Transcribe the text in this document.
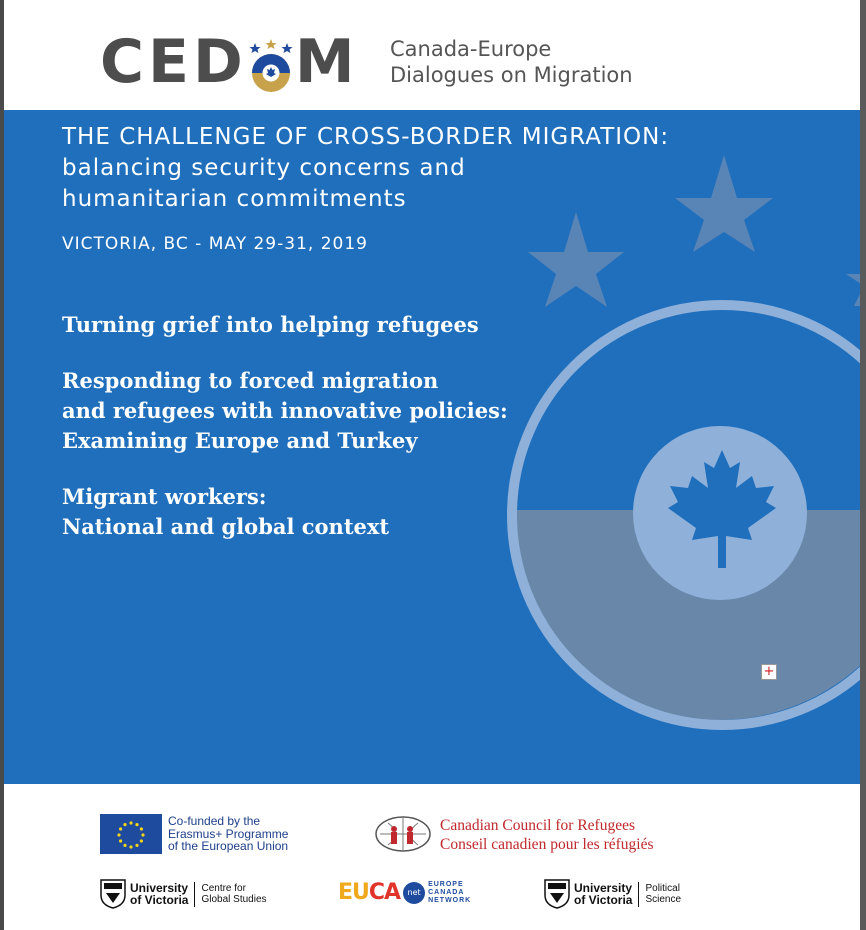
C E D M Canada-Europe
Dialogues on Migration
THE CHALLENGE OF CROSS-BORDER MIGRATION:
balancing security concerns and
humanitarian commitments
VICTORIA, BC - MAY 29-31, 2019
Turning grief into helping refugees
Responding to forced migration
and refugees with innovative policies:
Examining Europe and Turkey
Migrant workers:
National and global context
+
Co-funded by the
Erasmus+ Programme
of the European Union
Canadian Council for Refugees
Conseil canadien pour les réfugiés
University
of Victoria
Centre for
Global Studies	EUCA net
EUROPE
CANADA
NETWORK
University
of Victoria
Political
Science
